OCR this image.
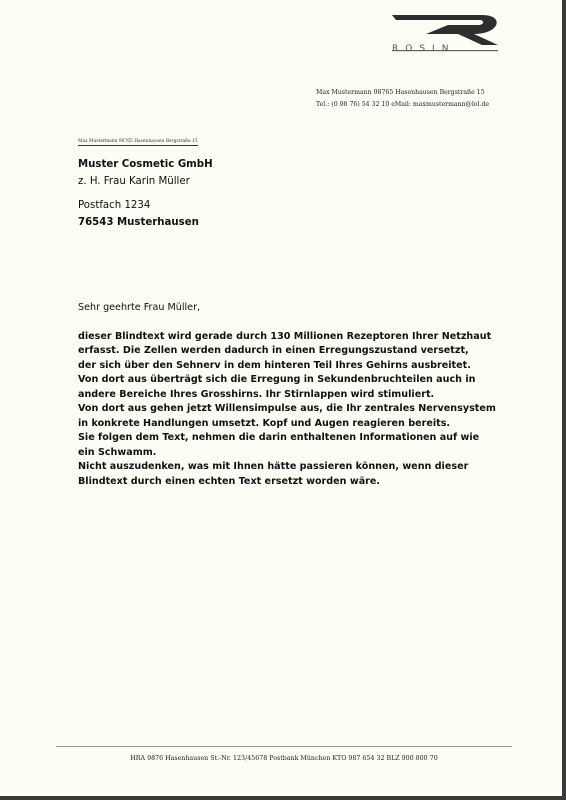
ROSIN
Max Mustermann 98765 Hasenhausen Bergstraße 15
Tel.: (0 98 76) 54 32 10 eMail: maxmustermann@lol.de
Max Mustermann 98765 Hasenhausen Bergstraße 15
Muster Cosmetic GmbH
z. H. Frau Karin Müller
Postfach 1234
76543 Musterhausen
Sehr geehrte Frau Müller,

dieser Blindtext wird gerade durch 130 Millionen Rezeptoren Ihrer Netzhaut

erfasst. Die Zellen werden dadurch in einen Erregungszustand versetzt,

der sich über den Sehnerv in dem hinteren Teil Ihres Gehirns ausbreitet.

Von dort aus überträgt sich die Erregung in Sekundenbruchteilen auch in

andere Bereiche Ihres Grosshirns. Ihr Stirnlappen wird stimuliert.

Von dort aus gehen jetzt Willensimpulse aus, die Ihr zentrales Nervensystem

in konkrete Handlungen umsetzt. Kopf und Augen reagieren bereits.

Sie folgen dem Text, nehmen die darin enthaltenen Informationen auf wie

ein Schwamm.

Nicht auszudenken, was mit Ihnen hätte passieren können, wenn dieser

Blindtext durch einen echten Text ersetzt worden wäre.

HRA 9876 Hasenhausen St.-Nr. 123/45678 Postbank München KTO 987 654 32 BLZ 900 800 70
